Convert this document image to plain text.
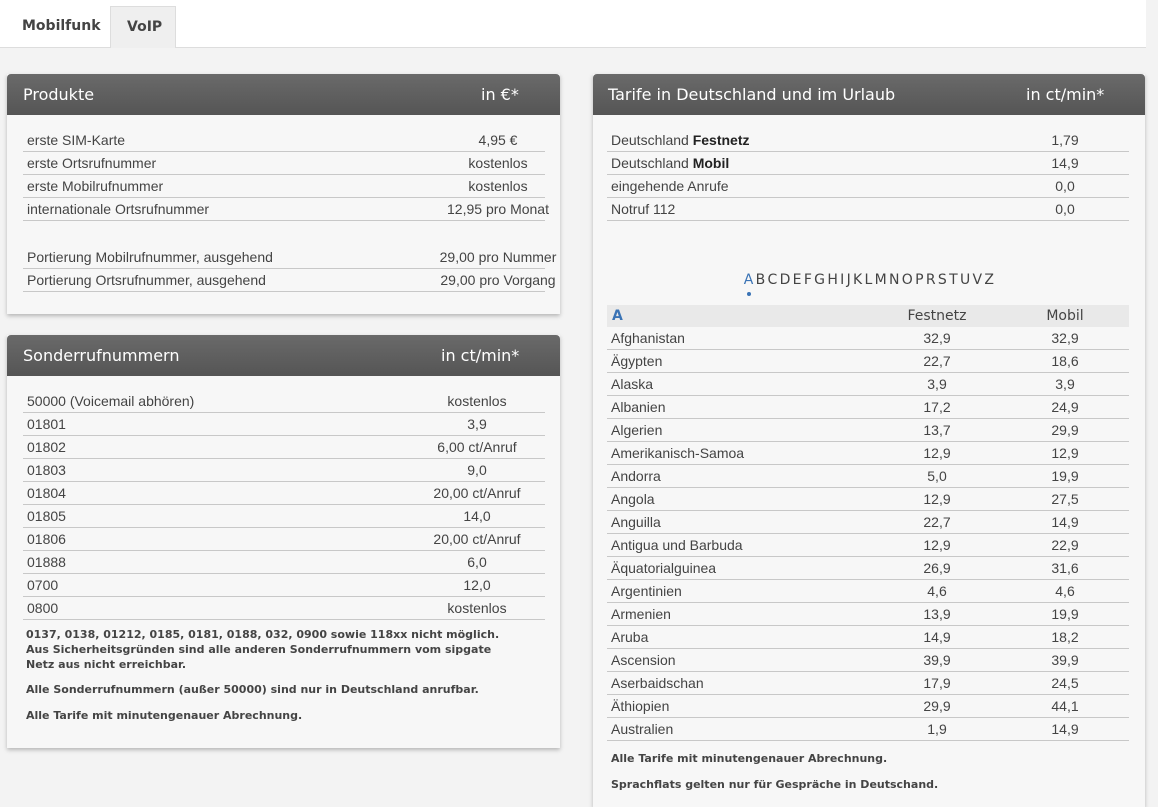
Mobilfunk	VoIP
Produkte	in €*
erste SIM-Karte	4,95 €
erste Ortsrufnummer	kostenlos
erste Mobilrufnummer	kostenlos
internationale Ortsrufnummer	12,95 pro Monat
Portierung Mobilrufnummer, ausgehend	29,00 pro Nummer
Portierung Ortsrufnummer, ausgehend	29,00 pro Vorgang
Sonderrufnummern	in ct/min*
50000 (Voicemail abhören)	kostenlos
01801	3,9
01802	6,00 ct/Anruf
01803	9,0
01804	20,00 ct/Anruf
01805	14,0
01806	20,00 ct/Anruf
01888	6,0
0700	12,0
0800	kostenlos
0137, 0138, 01212, 0185, 0181, 0188, 032, 0900 sowie 118xx nicht möglich. Aus Sicherheitsgründen sind alle anderen Sonderrufnummern vom sipgate Netz aus nicht erreichbar.
Alle Sonderrufnummern (außer 50000) sind nur in Deutschland anrufbar.
Alle Tarife mit minutengenauer Abrechnung.
Tarife in Deutschland und im Urlaub	in ct/min*
Deutschland Festnetz	1,79
Deutschland Mobil	14,9
eingehende Anrufe	0,0
Notruf 112	0,0
A B C D E F G H I J K L M N O P R S T U V Z
A	Festnetz	Mobil
Afghanistan	32,9	32,9
Ägypten	22,7	18,6
Alaska	3,9	3,9
Albanien	17,2	24,9
Algerien	13,7	29,9
Amerikanisch-Samoa	12,9	12,9
Andorra	5,0	19,9
Angola	12,9	27,5
Anguilla	22,7	14,9
Antigua und Barbuda	12,9	22,9
Äquatorialguinea	26,9	31,6
Argentinien	4,6	4,6
Armenien	13,9	19,9
Aruba	14,9	18,2
Ascension	39,9	39,9
Aserbaidschan	17,9	24,5
Äthiopien	29,9	44,1
Australien	1,9	14,9
Alle Tarife mit minutengenauer Abrechnung.
Sprachflats gelten nur für Gespräche in Deutschand.
